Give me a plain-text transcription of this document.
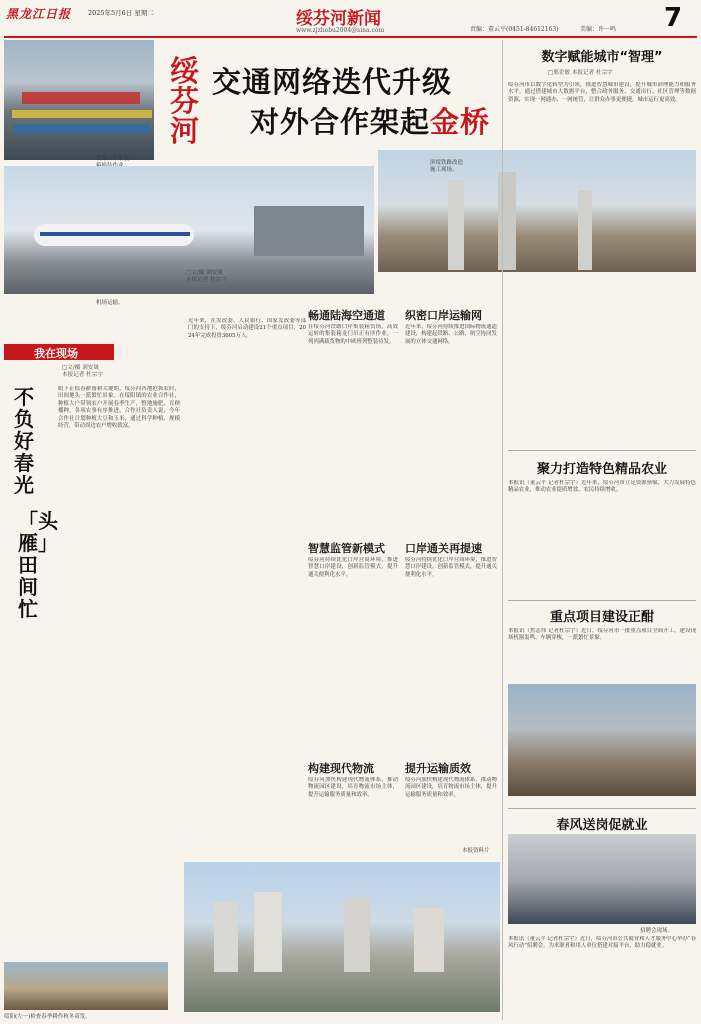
黑龙江日报	2025年5月6日 星期二	绥芬河新闻
www.zjzhebu2004@sina.com	责编：董云平(0451-84612163)	美编：许一鸣 7
铁路口岸集装
绥芬河
交通网络迭代升级
对外合作架起金桥
滨绥铁路改造
施工现场。
机场运输。
□文/摄 刘安晟
本报记者 杜宗宇
我在现场
□文/摄 刘安晟
本报记者 杜宗宇
不负好春光
「头雁」田间忙
眼下正值春耕备耕关键期，绥芬河各地抢抓农时，田间地头一派繁忙景象。在绥阳镇的农业合作社，种植大户带领农户开展春季生产，整地施肥、育秧播种，各项农事有序推进。合作社负责人说，今年合作社计划种植大豆和玉米，通过科学种植、规模经营，带动周边农户增收致富。
绥阳(左一)检查春季耕作秋冬苗发。
近年来，在发改委、人民银行、国家发改委等部门的支持下，绥芬河启动建设21个重点项目，2024年完成投资3605万人。
畅通陆海空通道 织密口岸运输网
在绥芬河铁路口岸集装箱货场，高效运转的集装箱龙门吊正有序作业，一列列满载货物的中欧班列整装待发。
近年来，绥芬河持续推进国际物流通道建设，构建起铁路、公路、航空协同发展的立体交通网络。
智慧监管新模式 口岸通关再提速
绥芬河持续优化口岸营商环境，推进智慧口岸建设，创新监管模式，提升通关便利化水平。
绥芬河持续优化口岸营商环境，推进智慧口岸建设，创新监管模式，提升通关便利化水平。
构建现代物流	提升运输质效
绥芬河加快构建现代物流体系，推动物流园区建设，培育物流市场主体，提升运输服务质量和效率。
绥芬河加快构建现代物流体系，推动物流园区建设，培育物流市场主体，提升运输服务质量和效率。
本报资料片
数字赋能城市“智理”
□邢企敏 本报记者 杜宗宇
绥芬河市以数字化转型为引领，推进智慧城市建设，提升城市治理能力和服务水平。通过搭建城市大数据平台，整合政务服务、交通出行、社区管理等数据资源，实现一网通办、一网统管，让群众办事更便捷，城市运行更高效。
聚力打造特色精品农业
本报讯（董云平 记者杜宗宇）近年来，绥芬河市立足资源禀赋，大力发展特色精品农业，推动农业提质增效、农民持续增收。
重点项目建设正酣
本报讯（焦志伟 记者杜宗宇）近日，绥芬河市一批重点项目全面开工，建设现场机器轰鸣、车辆穿梭，一派繁忙景象。
春风送岗促就业
招聘会现场。
本报讯（董云平 记者杜宗宇）近日，绥芬河市公共就业和人才服务中心举办“春风行动”招聘会，为求职者和用人单位搭建对接平台，助力稳就业。
